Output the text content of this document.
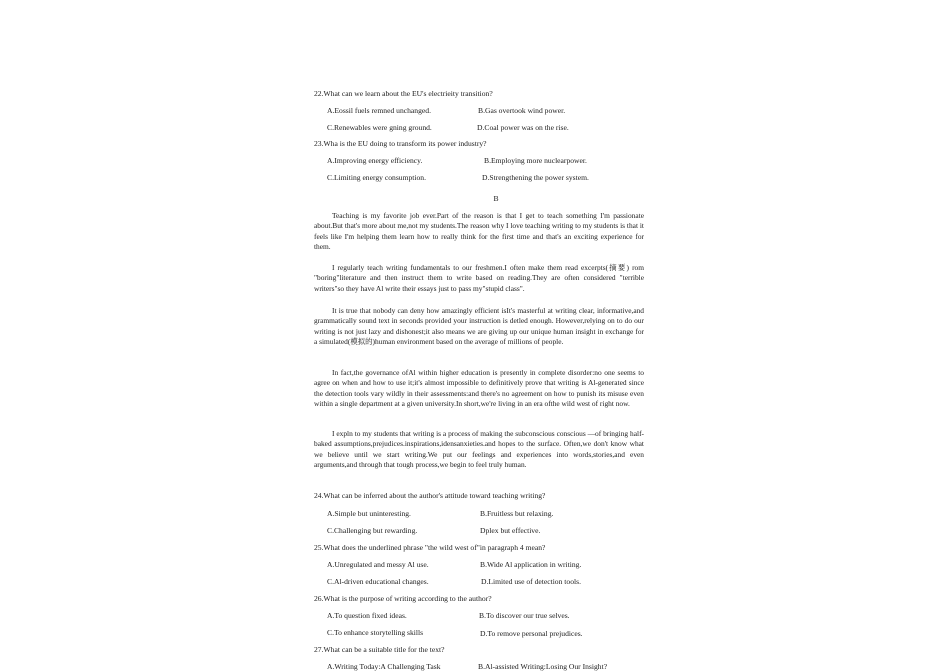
22.What can we learn about the EU's electrieity transition?
A.Eossil fuels remned unchanged.	B.Gas overtook wind power.
C.Renewables were gning ground.	D.Coal power was on the rise.
23.Wha is the EU doing to transform its power industry?
A.Improving energy efficiency.	B.Employing more nuclearpower.
C.Limiting energy consumption.	D.Strengthening the power system.
B

Teaching is my favorite job ever.Part of the reason is that I get to teach something I'm passionate about.But that's more about me,not my students.The reason why I love teaching writing to my students is that it feels like I'm helping them learn how to really think for the first time and that's an exciting experience for them.

I regularly teach writing fundamentals to our freshmen.I often make them read excerpts(摘要) rom "boring"literature and then instruct them to write based on reading.They are often considered "terrible writers"so they have Al write their essays just to pass my"stupid class".

It is true that nobody can deny how amazingly efficient isIt's masterful at writing clear, informative,and grammatically sound text in seconds provided your instruction is detled enough. However,relying on to do our writing is not just lazy and dishonest;it also means we are giving up our unique human insight in exchange for a simulated(模拟的)human environment based on the average of millions of people.

In fact,the governance ofAl within higher education is presently in complete disorder:no one seems to agree on when and how to use it;it's almost impossible to definitively prove that writing is Al-generated since the detection tools vary wildly in their assessments:and there's no agreement on how to punish its misuse even within a single department at a given university.In short,we're living in an era ofthe wild west of right now.

I expln to my students that writing is a process of making the subconscious conscious —of bringing half-baked assumptions,prejudices.inspirations,idensanxieties.and hopes to the surface. Often,we don't know what we believe until we start writing.We put our feelings and experiences into words,stories,and even arguments,and through that tough process,we begin to feel truly human.

24.What can be inferred about the author's attitude toward teaching writing?
A.Simple but uninteresting.	B.Fruitless but relaxing.
C.Challenging but rewarding.	Dplex but effective.
25.What does the underlined phrase "the wild west of"in paragraph 4 mean?
A.Unregulated and messy Al use.	B.Wide Al application in writing.
C.Al-driven educational changes.	D.Limited use of detection tools.
26.What is the purpose of writing according to the author?
A.To question fixed ideas.	B.To discover our true selves.
C.To enhance storytelling skills	D.To remove personal prejudices.
27.What can be a suitable title for the text?
A.Writing Today:A Challenging Task	B.Al-assisted Writing:Losing Our Insight?
